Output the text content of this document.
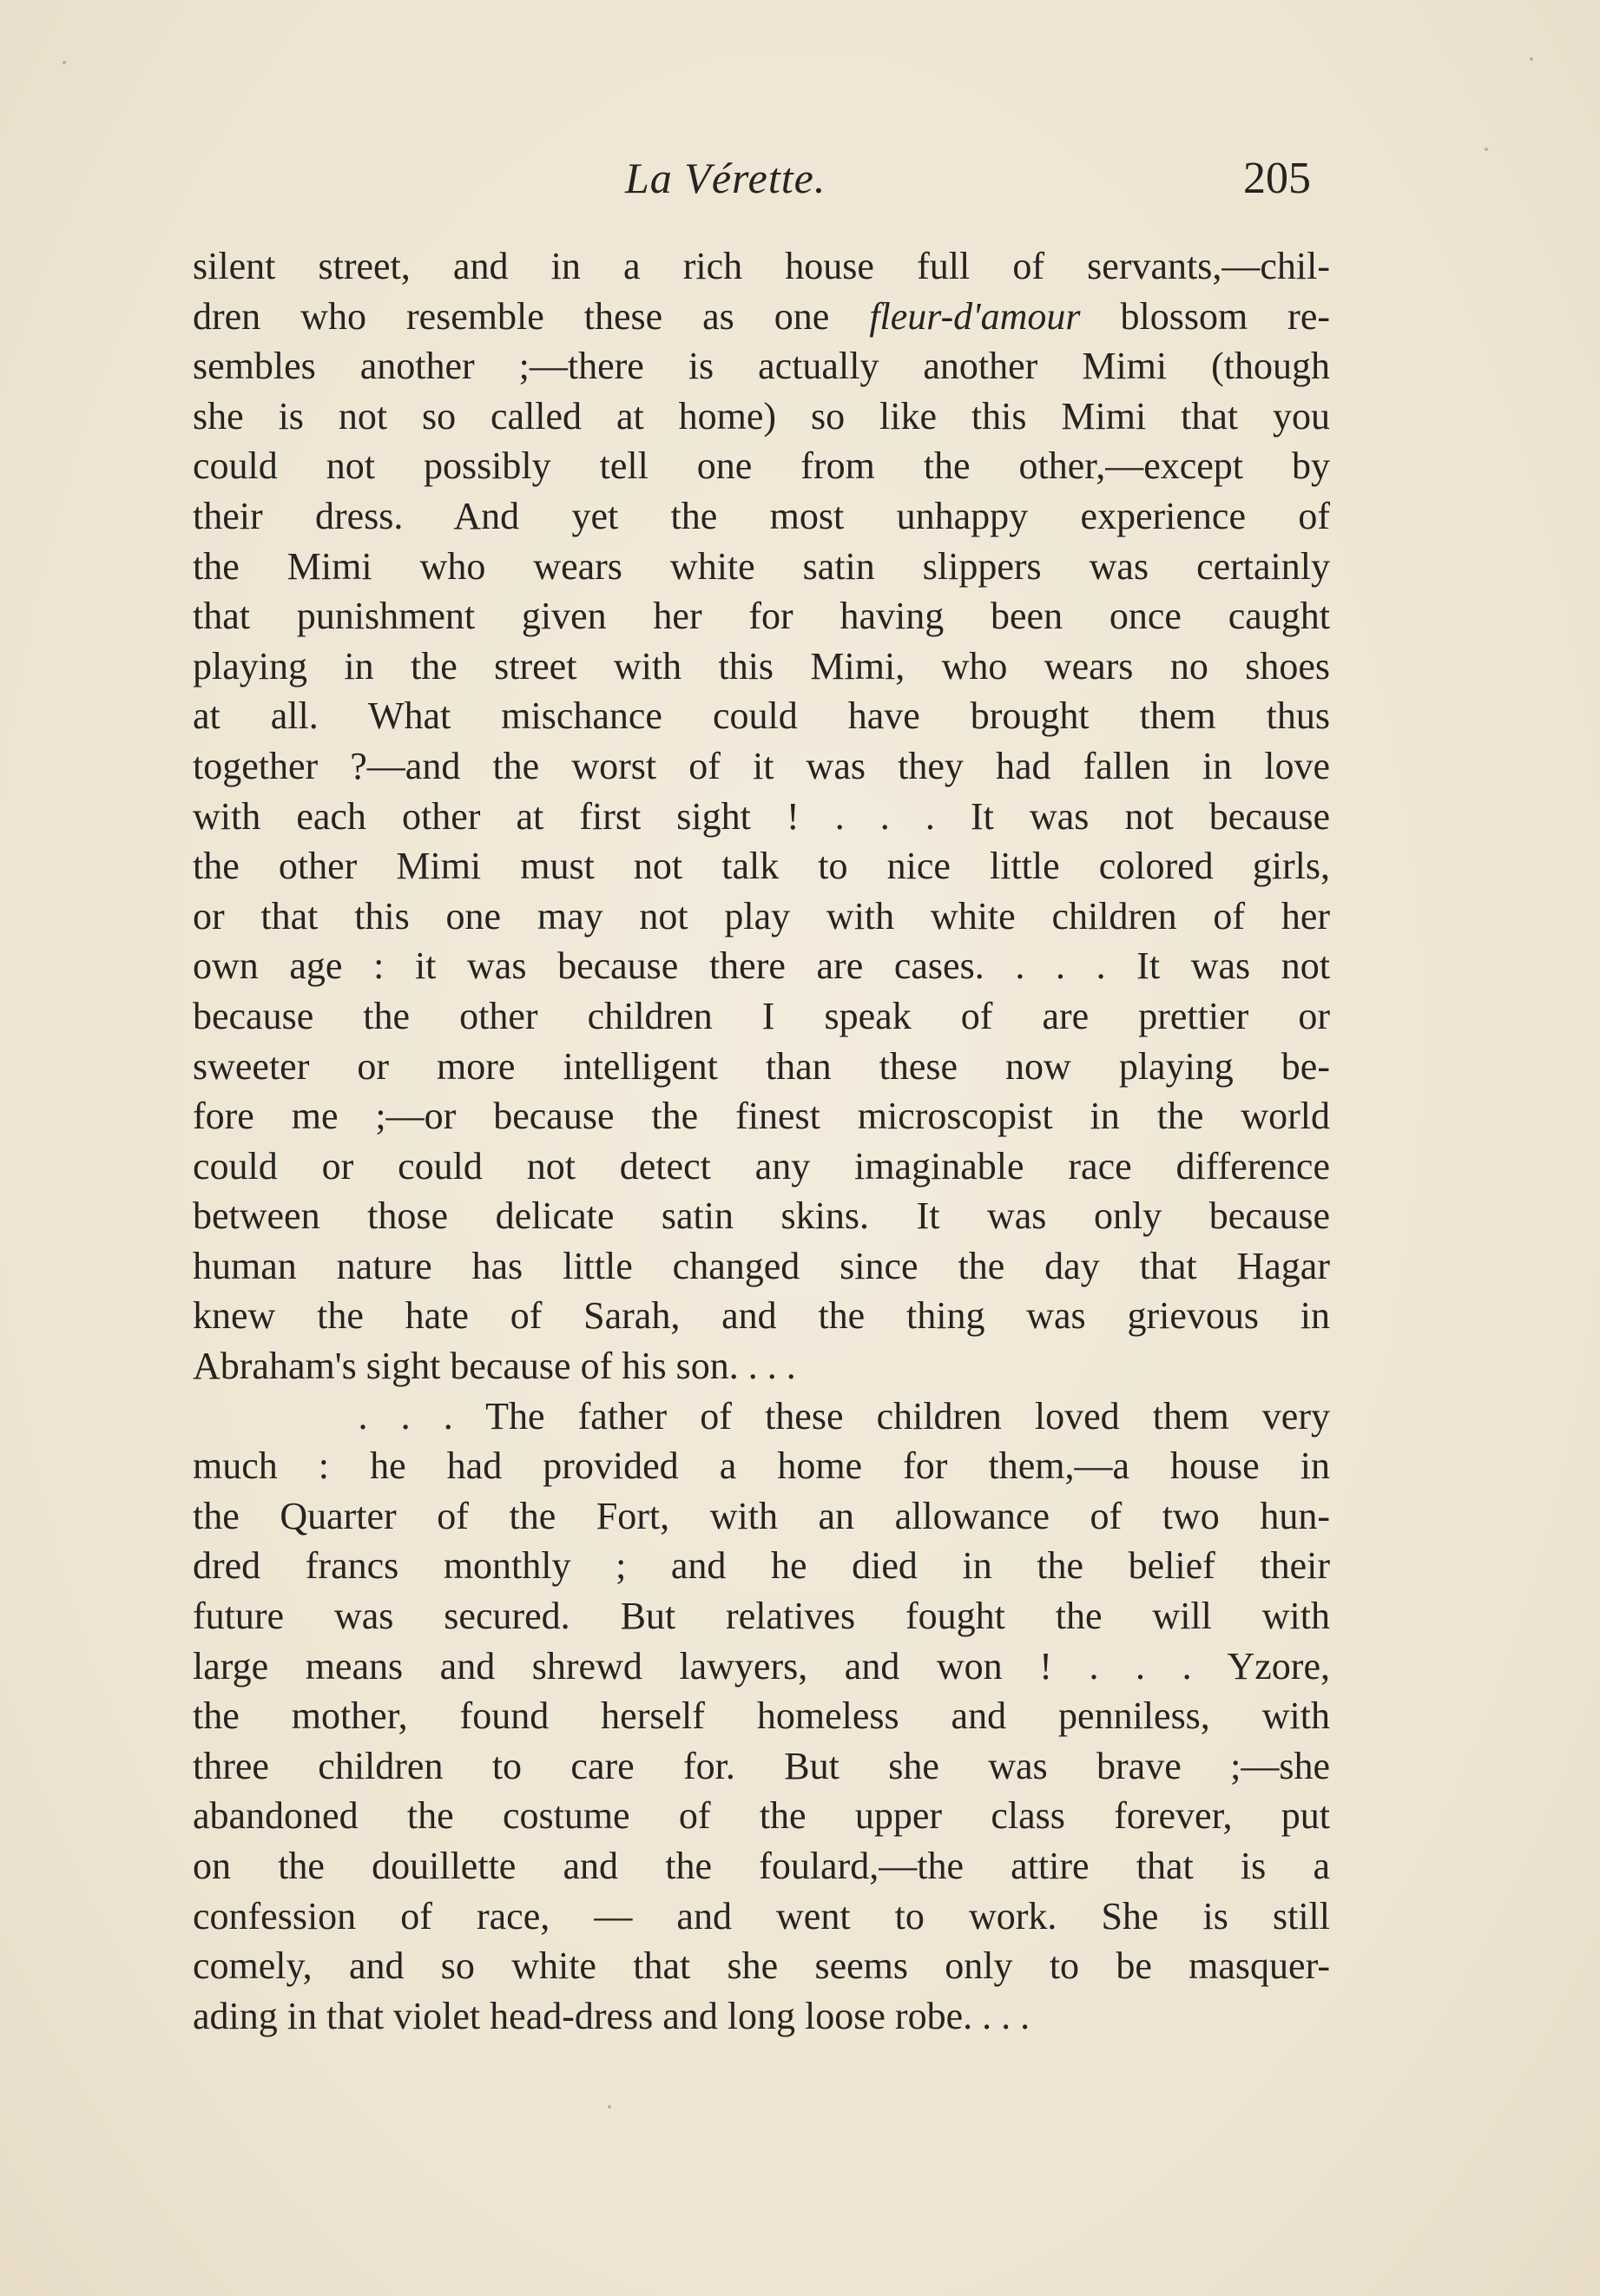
La Vérette.	205
silent street, and in a rich house full of servants,—chil-
dren who resemble these as one fleur-d'amour blossom re-
sembles another ;—there is actually another Mimi (though
she is not so called at home) so like this Mimi that you
could not possibly tell one from the other,—except by
their dress. And yet the most unhappy experience of
the Mimi who wears white satin slippers was certainly
that punishment given her for having been once caught
playing in the street with this Mimi, who wears no shoes
at all. What mischance could have brought them thus
together ?—and the worst of it was they had fallen in love
with each other at first sight ! . . . It was not because
the other Mimi must not talk to nice little colored girls,
or that this one may not play with white children of her
own age : it was because there are cases. . . . It was not
because the other children I speak of are prettier or
sweeter or more intelligent than these now playing be-
fore me ;—or because the finest microscopist in the world
could or could not detect any imaginable race difference
between those delicate satin skins. It was only because
human nature has little changed since the day that Hagar
knew the hate of Sarah, and the thing was grievous in
Abraham's sight because of his son. . . .
. . . The father of these children loved them very
much : he had provided a home for them,—a house in
the Quarter of the Fort, with an allowance of two hun-
dred francs monthly ; and he died in the belief their
future was secured. But relatives fought the will with
large means and shrewd lawyers, and won ! . . . Yzore,
the mother, found herself homeless and penniless, with
three children to care for. But she was brave ;—she
abandoned the costume of the upper class forever, put
on the douillette and the foulard,—the attire that is a
confession of race, — and went to work. She is still
comely, and so white that she seems only to be masquer-
ading in that violet head-dress and long loose robe. . . .
